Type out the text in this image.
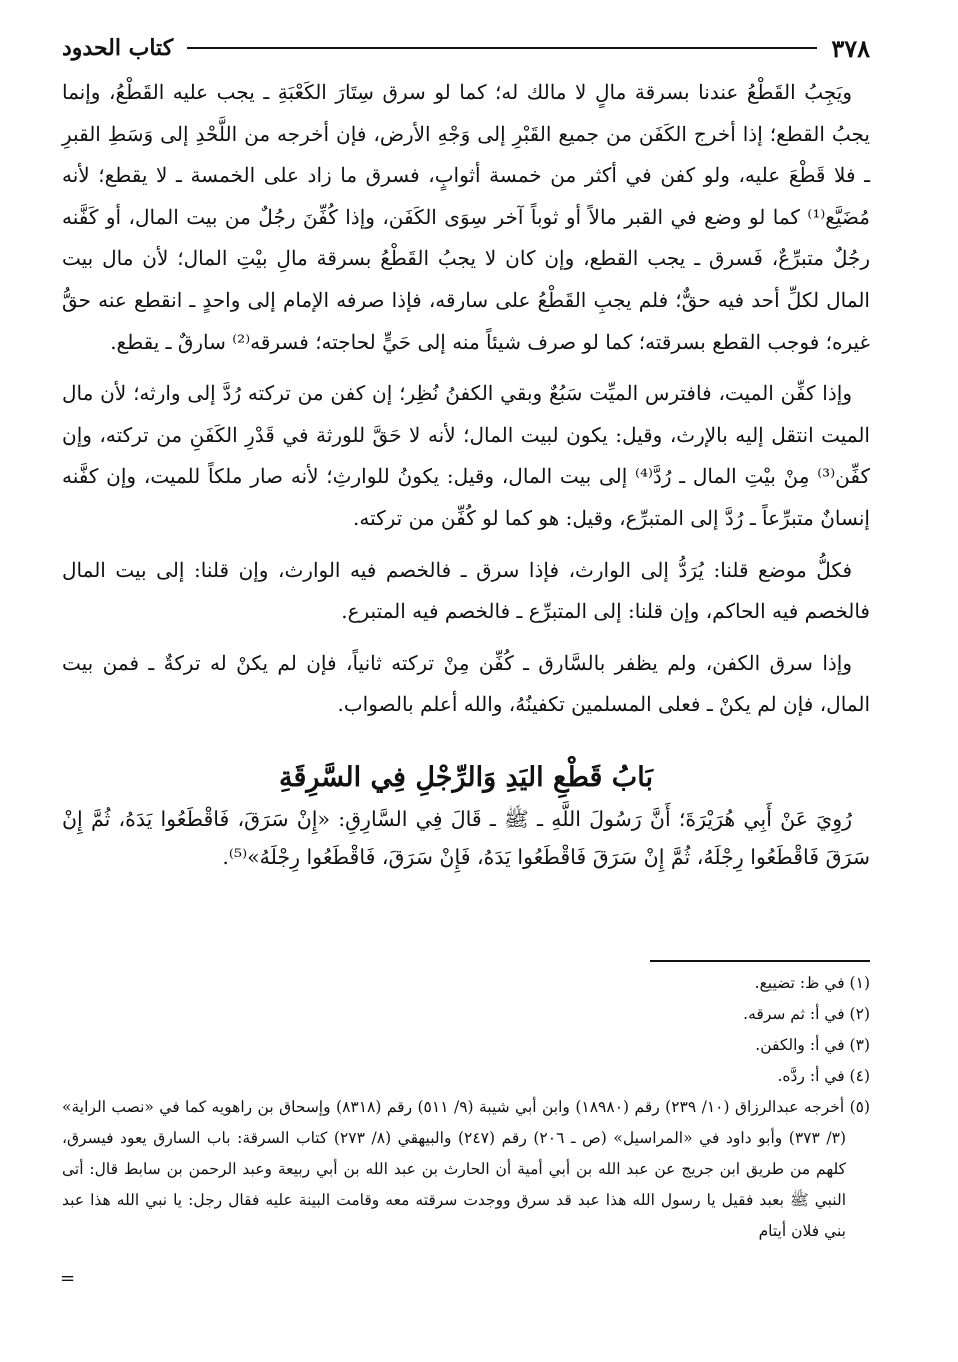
٣٧٨
كتاب الحدود

ويَجِبُ القَطْعُ عندنا بسرقة مالٍ لا مالك له؛ كما لو سرق سِتَارَ الكَعْبَةِ ـ يجب عليه القَطْعُ، وإنما يجبُ القطع؛ إذا أخرج الكَفَن من جميع القَبْرِ إلى وَجْهِ الأرض، فإن أخرجه من اللَّحْدِ إلى وَسَطِ القبرِ ـ فلا قَطْعَ عليه، ولو كفن في أكثر من خمسة أثوابٍ، فسرق ما زاد على الخمسة ـ لا يقطع؛ لأنه مُضَيَّع⁽¹⁾ كما لو وضع في القبر مالاً أو ثوباً آخر سِوَى الكَفَن، وإذا كُفِّنَ رجُلٌ من بيت المال، أو كَفَّنه رجُلٌ متبرِّعٌ، فَسرق ـ يجب القطع، وإن كان لا يجبُ القَطْعُ بسرقة مالِ بيْتِ المال؛ لأن مال بيت المال لكلِّ أحد فيه حقٌّ؛ فلم يجبِ القَطْعُ على سارقه، فإذا صرفه الإمام إلى واحدٍ ـ انقطع عنه حقُّ غيره؛ فوجب القطع بسرقته؛ كما لو صرف شيئاً منه إلى حَيٍّ لحاجته؛ فسرقه⁽²⁾ سارقٌ ـ يقطع.

وإذا كفِّن الميت، فافترس الميِّت سَبُعٌ وبقي الكفنُ نُظِر؛ إن كفن من تركته رُدَّ إلى وارثه؛ لأن مال الميت انتقل إليه بالإرث، وقيل: يكون لبيت المال؛ لأنه لا حَقَّ للورثة في قَدْرِ الكَفَنِ من تركته، وإن كفِّن⁽³⁾ مِنْ بيْتِ المال ـ رُدَّ⁽⁴⁾ إلى بيت المال، وقيل: يكونُ للوارثِ؛ لأنه صار ملكاً للميت، وإن كفَّنه إنسانٌ متبرِّعاً ـ رُدَّ إلى المتبرِّع، وقيل: هو كما لو كُفِّن من تركته.

فكلُّ موضع قلنا: يُرَدُّ إلى الوارث، فإذا سرق ـ فالخصم فيه الوارث، وإن قلنا: إلى بيت المال فالخصم فيه الحاكم، وإن قلنا: إلى المتبرِّع ـ فالخصم فيه المتبرع.

وإذا سرق الكفن، ولم يظفر بالسَّارق ـ كُفِّن مِنْ تركته ثانياً، فإن لم يكنْ له تركةٌ ـ فمن بيت المال، فإن لم يكنْ ـ فعلى المسلمين تكفينُهُ، والله أعلم بالصواب.

بَابُ قَطْعِ اليَدِ وَالرِّجْلِ فِي السَّرِقَةِ

رُوِيَ عَنْ أَبِي هُرَيْرَةَ؛ أَنَّ رَسُولَ اللَّهِ ـ ﷺ ـ قَالَ فِي السَّارِقِ: «إِنْ سَرَقَ، فَاقْطَعُوا يَدَهُ، ثُمَّ إِنْ سَرَقَ فَاقْطَعُوا رِجْلَهُ، ثُمَّ إِنْ سَرَقَ فَاقْطَعُوا يَدَهُ، فَإِنْ سَرَقَ، فَاقْطَعُوا رِجْلَهُ»⁽⁵⁾.

(١) في ظ: تضييع.
(٢) في أ: ثم سرقه.
(٣) في أ: والكفن.
(٤) في أ: ردَّه.
(٥) أخرجه عبدالرزاق (١٠/ ٢٣٩) رقم (١٨٩٨٠) وابن أبي شيبة (٩/ ٥١١) رقم (٨٣١٨) وإسحاق بن راهويه كما في «نصب الراية» (٣/ ٣٧٣) وأبو داود في «المراسيل» (ص ـ ٢٠٦) رقم (٢٤٧) والبيهقي (٨/ ٢٧٣) كتاب السرقة: باب السارق يعود فيسرق، كلهم من طريق ابن جريج عن عبد الله بن أبي أمية أن الحارث بن عبد الله بن أبي ربيعة وعبد الرحمن بن سابط قال: أتى النبي ﷺ بعبد فقيل يا رسول الله هذا عبد قد سرق ووجدت سرقته معه وقامت البينة عليه فقال رجل: يا نبي الله هذا عبد بني فلان أيتام
=
